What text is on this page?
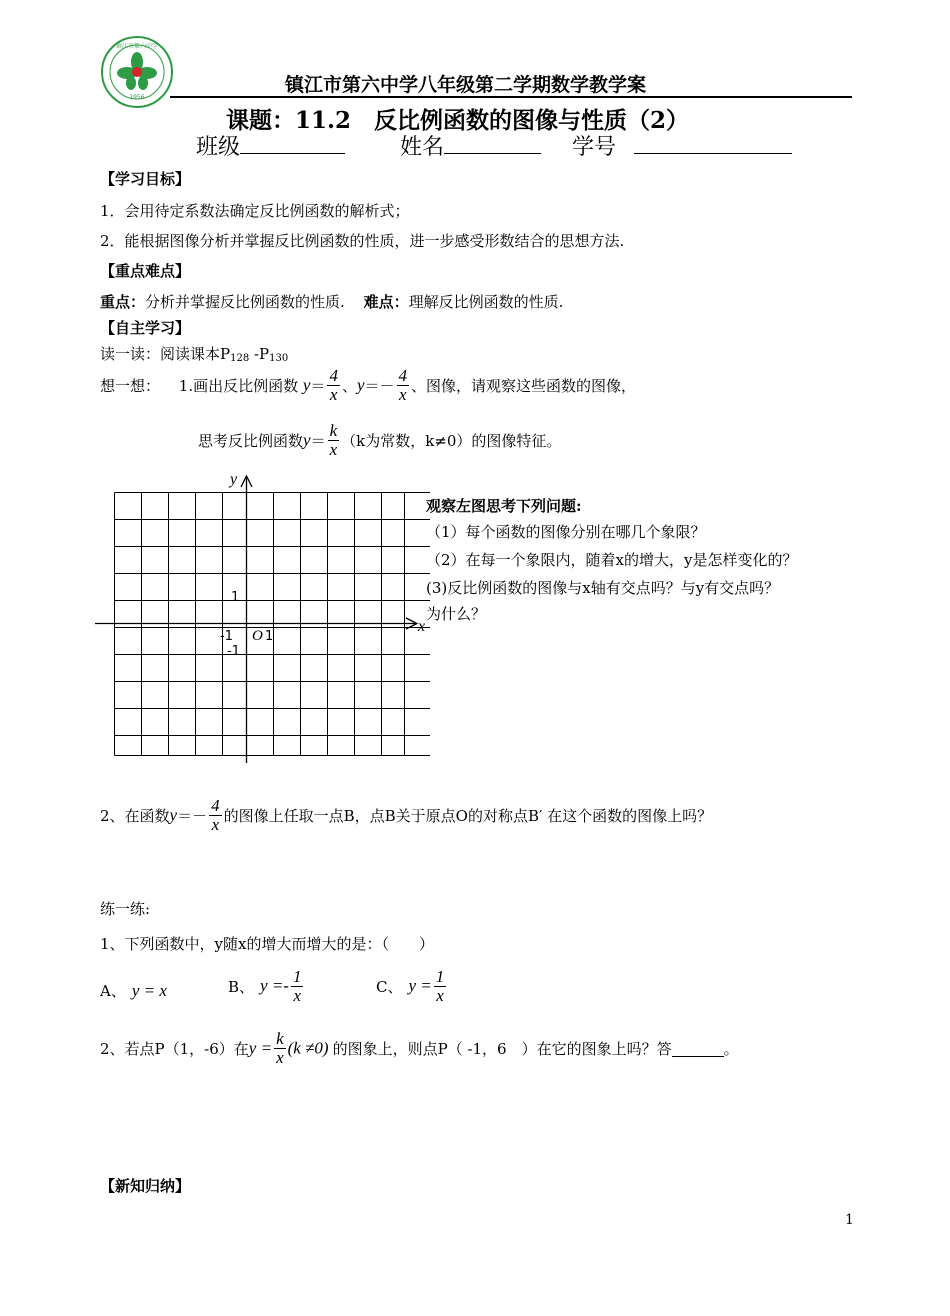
1956
镇江市第六中学
镇江市第六中学八年级第二学期数学教学案
课题：11.2　反比例函数的图像与性质（2）
班级	姓名	学号
【学习目标】
1．会用待定系数法确定反比例函数的解析式；
2．能根据图像分析并掌握反比例函数的性质，进一步感受形数结合的思想方法.
【重点难点】
重点：分析并掌握反比例函数的性质. 难点：理解反比例函数的性质.
【自主学习】
读一读：阅读课本$P_{128}$ $-P_{130}$
想一想： 1.画出反比例函数 $y= \frac{4}{x}$ 、$y=- \frac{4}{x}$ 、图像，请观察这些函数的图像，
思考反比例函数$y= \frac{k}{x} (k$为常数，k≠0）的图像特征。
y
x
O
1
-1 1
-1
观察左图思考下列问题:
（1）每个函数的图像分别在哪几个象限？
（2）在每一个象限内，随着x的增大，y是怎样变化的？
(3)反比例函数的图像与x轴有交点吗？与y有交点吗？
为什么？
2、在函数$y=- \frac{4}{x}$ 的图像上任取一点B，点B关于原点O的对称点B′ 在这个函数的图像上吗？
练一练:
1、下列函数中，y随x的增大而增大的是：（　　）
A、 y = x	B、 $y =- \frac{1}{x}$	C、 $y = \frac{1}{x}$
2、若点P（1，-6）在$y = \frac{k}{x} (k \ne 0)$ 的图象上，则点P（ -1，6　）在它的图象上吗？答	。
【新知归纳】
1
